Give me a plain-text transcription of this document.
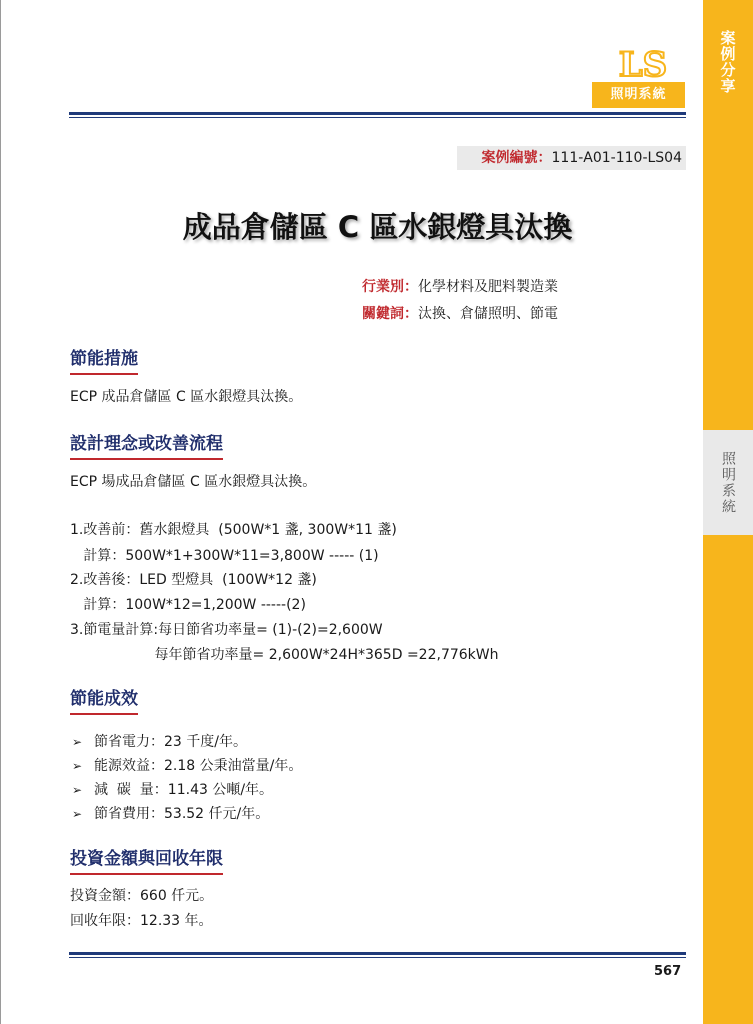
案例分享
照明系統
LS
照明系統
案例編號：111-A01-110-LS04
成品倉儲區 C 區水銀燈具汰換
行業別：化學材料及肥料製造業
關鍵詞：汰換、倉儲照明、節電
節能措施
ECP 成品倉儲區 C 區水銀燈具汰換。
設計理念或改善流程
ECP 場成品倉儲區 C 區水銀燈具汰換。
1.改善前：舊水銀燈具  (500W*1 盞, 300W*11 盞)
計算：500W*1+300W*11=3,800W ----- (1)
2.改善後：LED 型燈具  (100W*12 盞)
計算：100W*12=1,200W -----(2)
3.節電量計算:每日節省功率量= (1)-(2)=2,600W
每年節省功率量= 2,600W*24H*365D =22,776kWh
節能成效
➢ 節省電力：23 千度/年。
➢ 能源效益：2.18 公秉油當量/年。
➢ 減  碳  量：11.43 公噸/年。
➢ 節省費用：53.52 仟元/年。
投資金額與回收年限
投資金額：660 仟元。
回收年限：12.33 年。
567
